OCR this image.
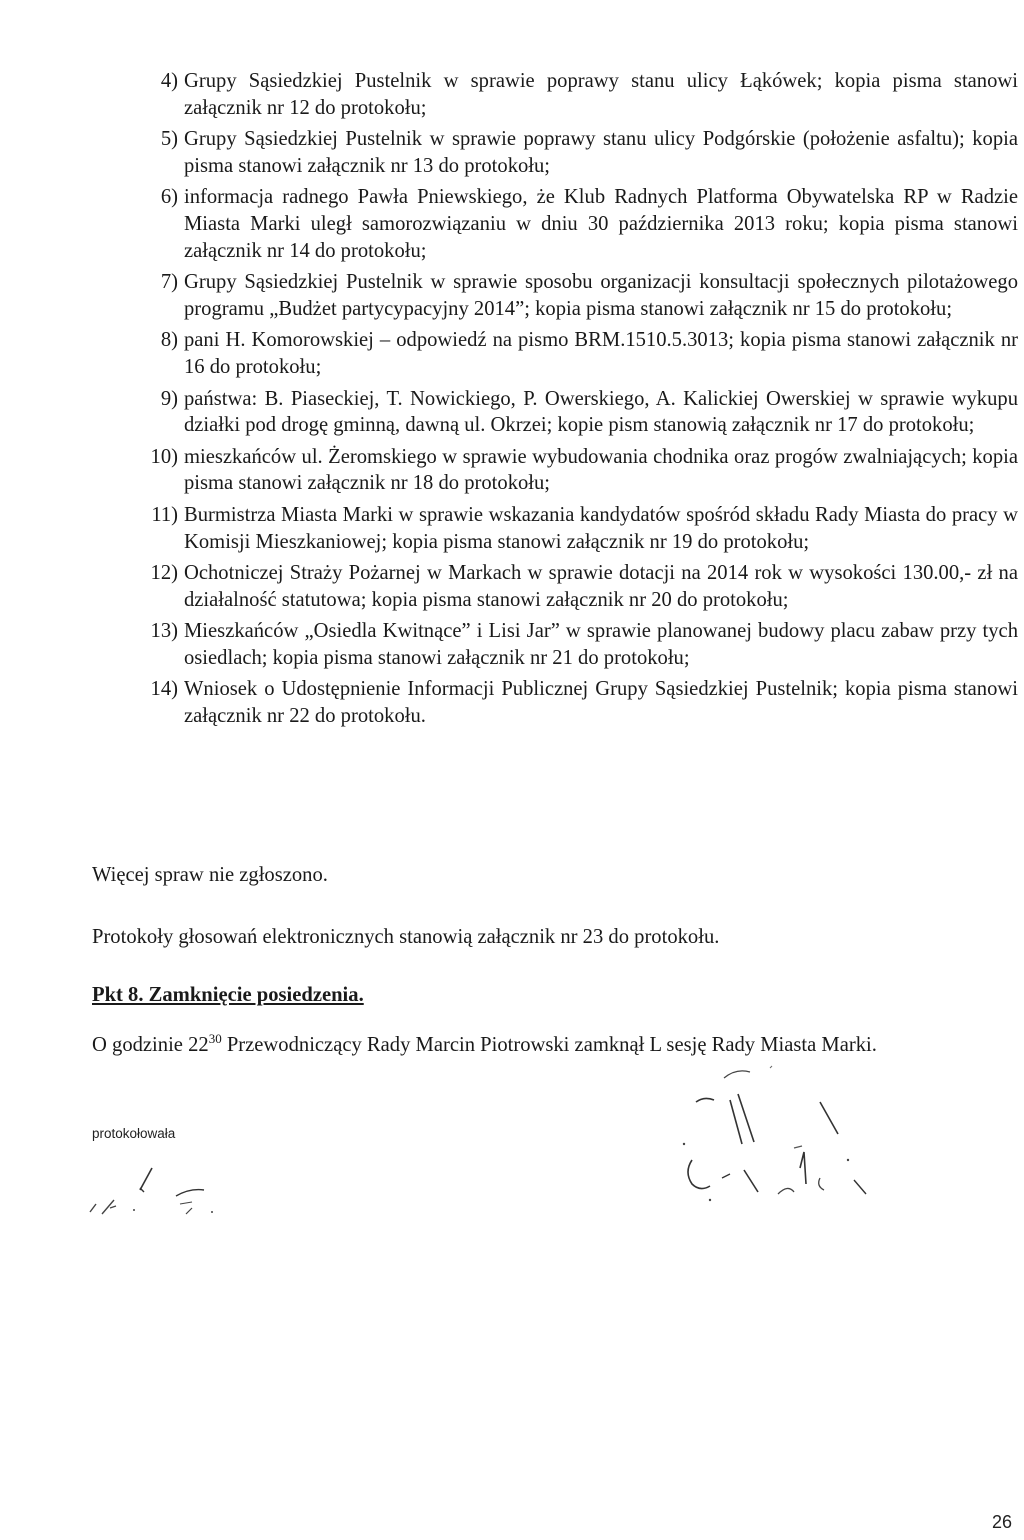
4) Grupy Sąsiedzkiej Pustelnik w sprawie poprawy stanu ulicy Łąkówek; kopia pisma stanowi załącznik nr 12 do protokołu;
5) Grupy Sąsiedzkiej Pustelnik w sprawie poprawy stanu ulicy Podgórskie (położenie asfaltu); kopia pisma stanowi załącznik nr 13 do protokołu;
6) informacja radnego Pawła Pniewskiego, że Klub Radnych Platforma Obywatelska RP w Radzie Miasta Marki uległ samorozwiązaniu w dniu 30 października 2013 roku; kopia pisma stanowi załącznik nr 14 do protokołu;
7) Grupy Sąsiedzkiej Pustelnik w sprawie sposobu organizacji konsultacji społecznych pilotażowego programu „Budżet partycypacyjny 2014”; kopia pisma stanowi załącznik nr 15 do protokołu;
8) pani H. Komorowskiej – odpowiedź na pismo BRM.1510.5.3013; kopia pisma stanowi załącznik nr 16 do protokołu;
9) państwa: B. Piaseckiej, T. Nowickiego, P. Owerskiego, A. Kalickiej Owerskiej w sprawie wykupu działki pod drogę gminną, dawną ul. Okrzei; kopie pism stanowią załącznik nr 17 do protokołu;
10) mieszkańców ul. Żeromskiego w sprawie wybudowania chodnika oraz progów zwalniających; kopia pisma stanowi załącznik nr 18 do protokołu;
11) Burmistrza Miasta Marki w sprawie wskazania kandydatów spośród składu Rady Miasta do pracy w Komisji Mieszkaniowej; kopia pisma stanowi załącznik nr 19 do protokołu;
12) Ochotniczej Straży Pożarnej w Markach w sprawie dotacji na 2014 rok w wysokości 130.00,- zł na działalność statutowa; kopia pisma stanowi załącznik nr 20 do protokołu;
13) Mieszkańców „Osiedla Kwitnące” i Lisi Jar” w sprawie planowanej budowy placu zabaw przy tych osiedlach; kopia pisma stanowi załącznik nr 21 do protokołu;
14) Wniosek o Udostępnienie Informacji Publicznej Grupy Sąsiedzkiej Pustelnik; kopia pisma stanowi załącznik nr 22 do protokołu.

Więcej spraw nie zgłoszono.

Protokoły głosowań elektronicznych stanowią załącznik nr 23 do protokołu.

Pkt 8. Zamknięcie posiedzenia.

O godzinie $22^{30}$ Przewodniczący Rady Marcin Piotrowski zamknął L sesję Rady Miasta Marki.

protokołowała
26
